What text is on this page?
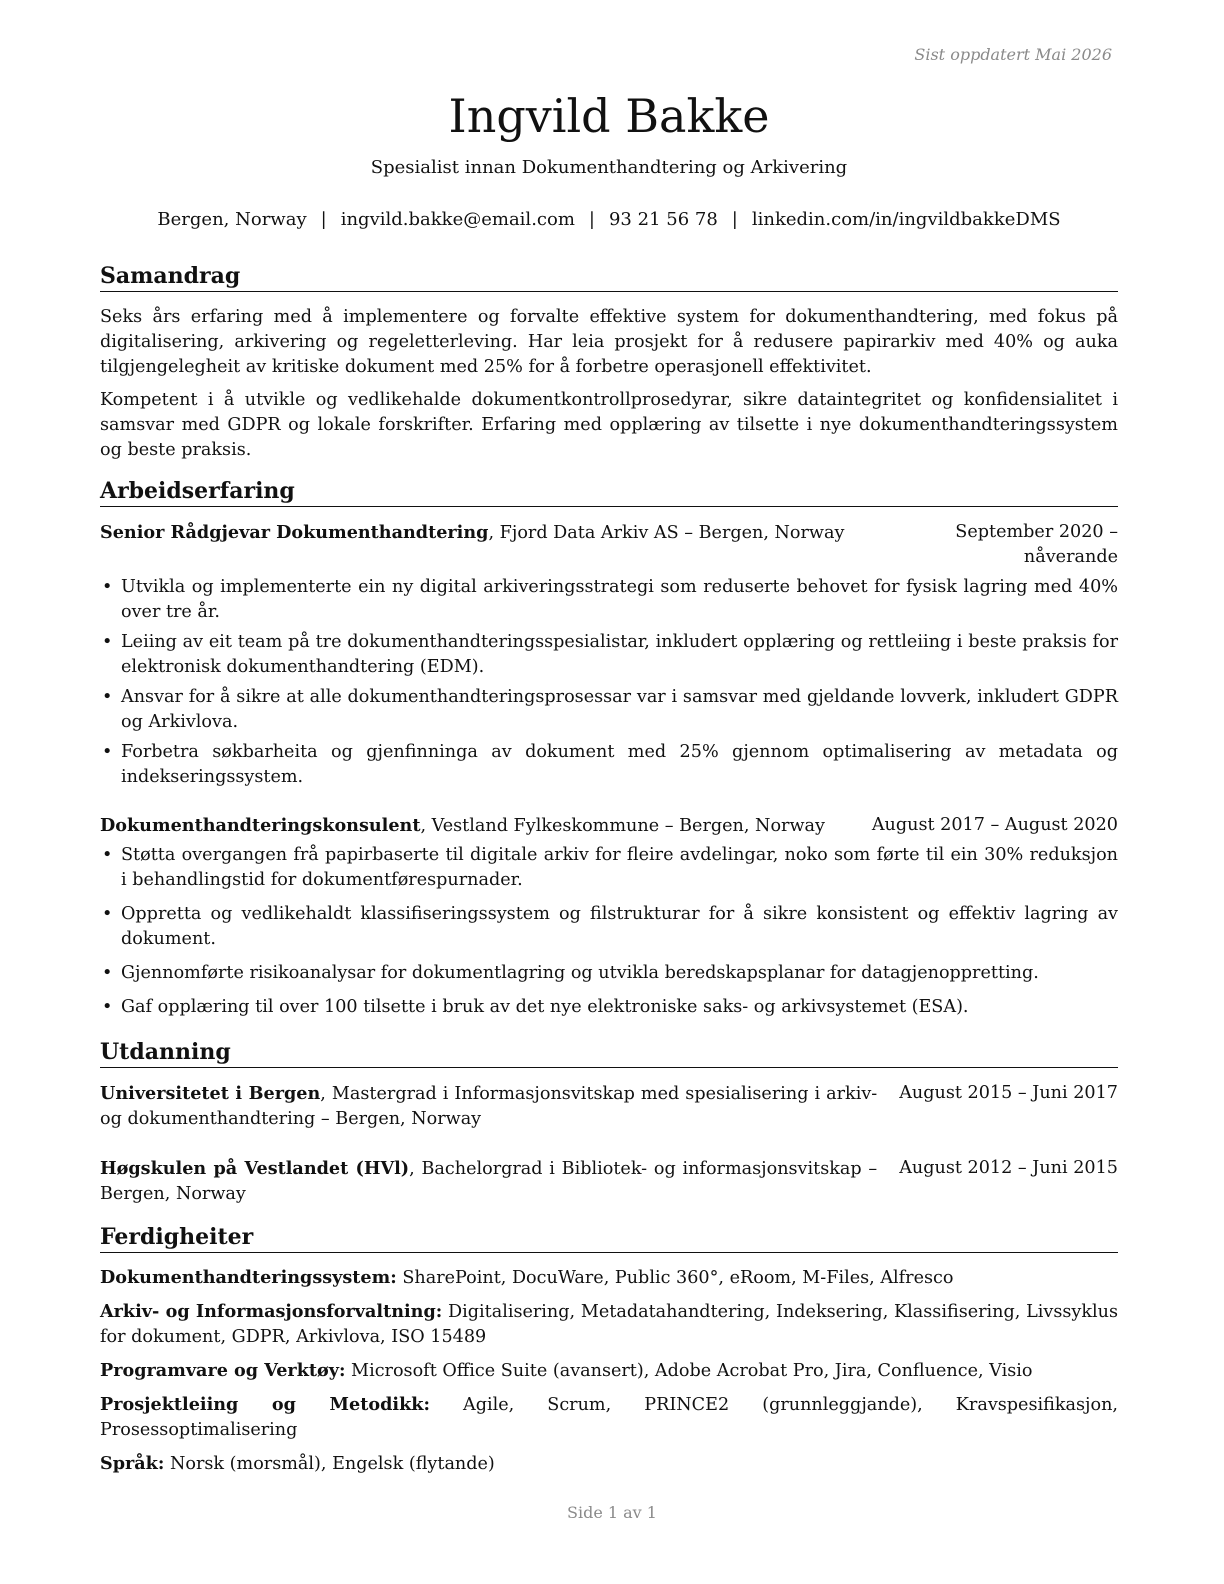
Sist oppdatert Mai 2026
Ingvild Bakke
Spesialist innan Dokumenthandtering og Arkivering
Bergen, Norway | ingvild.bakke@email.com | 93 21 56 78 | linkedin.com/in/ingvildbakkeDMS
Samandrag

Seks års erfaring med å implementere og forvalte effektive system for dokumenthandtering, med fokus på digitalisering, arkivering og regeletterleving. Har leia prosjekt for å redusere papirarkiv med 40% og auka tilgjengelegheit av kritiske dokument med 25% for å forbetre operasjonell effektivitet.

Kompetent i å utvikle og vedlikehalde dokumentkontrollprosedyrar, sikre dataintegritet og konfidensialitet i samsvar med GDPR og lokale forskrifter. Erfaring med opplæring av tilsette i nye dokumenthandteringssystem og beste praksis.

Arbeidserfaring
Senior Rådgjevar Dokumenthandtering, Fjord Data Arkiv AS – Bergen, Norway	September 2020 – nåverande
• Utvikla og implementerte ein ny digital arkiveringsstrategi som reduserte behovet for fysisk lagring med 40% over tre år.
• Leiing av eit team på tre dokumenthandteringsspesialistar, inkludert opplæring og rettleiing i beste praksis for elektronisk dokumenthandtering (EDM).
• Ansvar for å sikre at alle dokumenthandteringsprosessar var i samsvar med gjeldande lovverk, inkludert GDPR og Arkivlova.
• Forbetra søkbarheita og gjenfinninga av dokument med 25% gjennom optimalisering av metadata og indekseringssystem.
Dokumenthandteringskonsulent, Vestland Fylkeskommune – Bergen, Norway	August 2017 – August 2020
• Støtta overgangen frå papirbaserte til digitale arkiv for fleire avdelingar, noko som førte til ein 30% reduksjon i behandlingstid for dokumentførespurnader.
• Oppretta og vedlikehaldt klassifiseringssystem og filstrukturar for å sikre konsistent og effektiv lagring av dokument.
• Gjennomførte risikoanalysar for dokumentlagring og utvikla beredskapsplanar for datagjenoppretting.
• Gaf opplæring til over 100 tilsette i bruk av det nye elektroniske saks- og arkivsystemet (ESA).
Utdanning
Universitetet i Bergen, Mastergrad i Informasjonsvitskap med spesialisering i arkiv- og dokumenthandtering – Bergen, Norway
August 2015 – Juni 2017
Høgskulen på Vestlandet (HVl), Bachelorgrad i Bibliotek- og informasjonsvitskap – Bergen, Norway
August 2012 – Juni 2015
Ferdigheiter
Dokumenthandteringssystem: SharePoint, DocuWare, Public 360°, eRoom, M-Files, Alfresco
Arkiv- og Informasjonsforvaltning: Digitalisering, Metadatahandtering, Indeksering, Klassifisering, Livssyklus for dokument, GDPR, Arkivlova, ISO 15489
Programvare og Verktøy: Microsoft Office Suite (avansert), Adobe Acrobat Pro, Jira, Confluence, Visio
Prosjektleiing og Metodikk: Agile, Scrum, PRINCE2 (grunnleggjande), Kravspesifikasjon, Prosessoptimalisering
Språk: Norsk (morsmål), Engelsk (flytande)
Side 1 av 1
